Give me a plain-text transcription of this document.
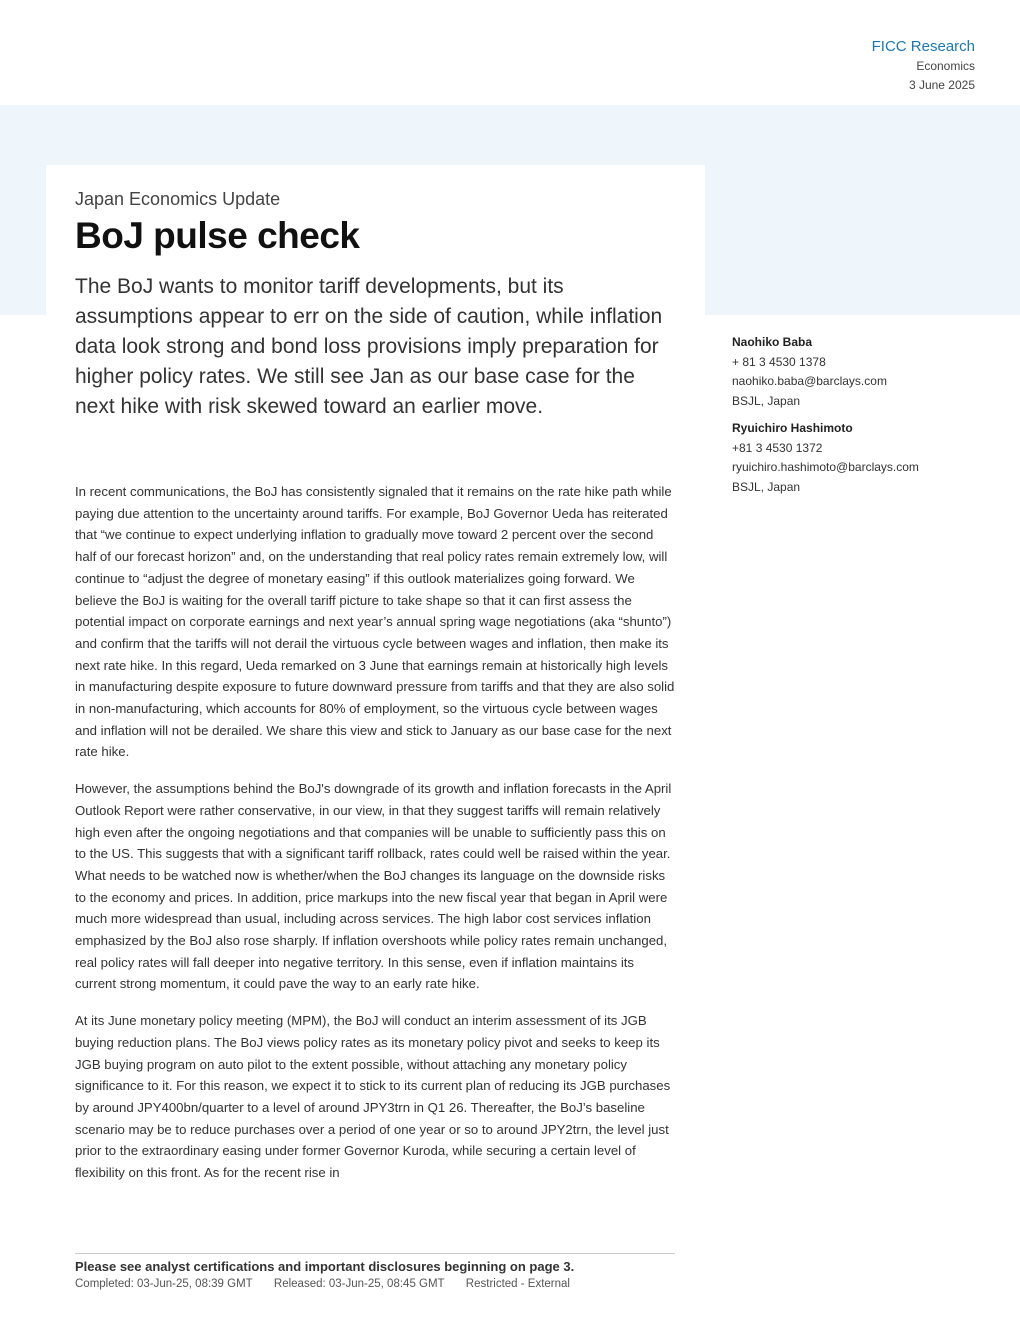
FICC Research
Economics
3 June 2025
Japan Economics Update
BoJ pulse check

The BoJ wants to monitor tariff developments, but its assumptions appear to err on the side of caution, while inflation data look strong and bond loss provisions imply preparation for higher policy rates. We still see Jan as our base case for the next hike with risk skewed toward an earlier move.

In recent communications, the BoJ has consistently signaled that it remains on the rate hike path while paying due attention to the uncertainty around tariffs. For example, BoJ Governor Ueda has reiterated that “we continue to expect underlying inflation to gradually move toward 2 percent over the second half of our forecast horizon” and, on the understanding that real policy rates remain extremely low, will continue to “adjust the degree of monetary easing” if this outlook materializes going forward. We believe the BoJ is waiting for the overall tariff picture to take shape so that it can first assess the potential impact on corporate earnings and next year’s annual spring wage negotiations (aka “shunto”) and confirm that the tariffs will not derail the virtuous cycle between wages and inflation, then make its next rate hike. In this regard, Ueda remarked on 3 June that earnings remain at historically high levels in manufacturing despite exposure to future downward pressure from tariffs and that they are also solid in non-manufacturing, which accounts for 80% of employment, so the virtuous cycle between wages and inflation will not be derailed. We share this view and stick to January as our base case for the next rate hike.

However, the assumptions behind the BoJ's downgrade of its growth and inflation forecasts in the April Outlook Report were rather conservative, in our view, in that they suggest tariffs will remain relatively high even after the ongoing negotiations and that companies will be unable to sufficiently pass this on to the US. This suggests that with a significant tariff rollback, rates could well be raised within the year. What needs to be watched now is whether/when the BoJ changes its language on the downside risks to the economy and prices. In addition, price markups into the new fiscal year that began in April were much more widespread than usual, including across services. The high labor cost services inflation emphasized by the BoJ also rose sharply. If inflation overshoots while policy rates remain unchanged, real policy rates will fall deeper into negative territory. In this sense, even if inflation maintains its current strong momentum, it could pave the way to an early rate hike.

At its June monetary policy meeting (MPM), the BoJ will conduct an interim assessment of its JGB buying reduction plans. The BoJ views policy rates as its monetary policy pivot and seeks to keep its JGB buying program on auto pilot to the extent possible, without attaching any monetary policy significance to it. For this reason, we expect it to stick to its current plan of reducing its JGB purchases by around JPY400bn/quarter to a level of around JPY3trn in Q1 26. Thereafter, the BoJ’s baseline scenario may be to reduce purchases over a period of one year or so to around JPY2trn, the level just prior to the extraordinary easing under former Governor Kuroda, while securing a certain level of flexibility on this front. As for the recent rise in

Naohiko Baba
+ 81 3 4530 1378
naohiko.baba@barclays.com
BSJL, Japan
Ryuichiro Hashimoto
+81 3 4530 1372
ryuichiro.hashimoto@barclays.com
BSJL, Japan
Please see analyst certifications and important disclosures beginning on page 3.
Completed: 03-Jun-25, 08:39 GMT Released: 03-Jun-25, 08:45 GMT Restricted - External
